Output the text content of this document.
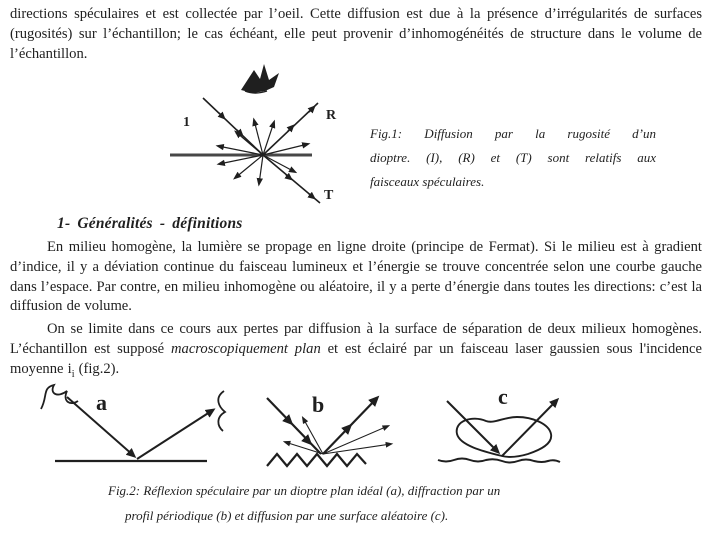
directions spéculaires et est collectée par l’oeil. Cette diffusion est due à la présence d’irrégularités de surfaces (rugosités) sur l’échantillon; le cas échéant, elle peut provenir d’inhomogénéités de structure dans le volume de l’échantillon.
1	R
T
Fig.1: Diffusion par la rugosité d’un
dioptre. (I), (R) et (T) sont relatifs aux
faisceaux spéculaires.
1- Généralités - définitions
En milieu homogène, la lumière se propage en ligne droite (principe de Fermat). Si le milieu est à gradient d’indice, il y a déviation continue du faisceau lumineux et l’énergie se trouve concentrée selon une courbe gauche dans l’espace. Par contre, en milieu inhomogène ou aléatoire, il y a perte d’énergie dans toutes les directions: c’est la diffusion de volume.
On se limite dans ce cours aux pertes par diffusion à la surface de séparation de deux milieux homogènes. L’échantillon est supposé macroscopiquement plan et est éclairé par un faisceau laser gaussien sous l'incidence moyenne $i_i$ (fig.2).
a	b	c
Fig.2: Réflexion spéculaire par un dioptre plan idéal (a), diffraction par un
profil périodique (b) et diffusion par une surface aléatoire (c).
